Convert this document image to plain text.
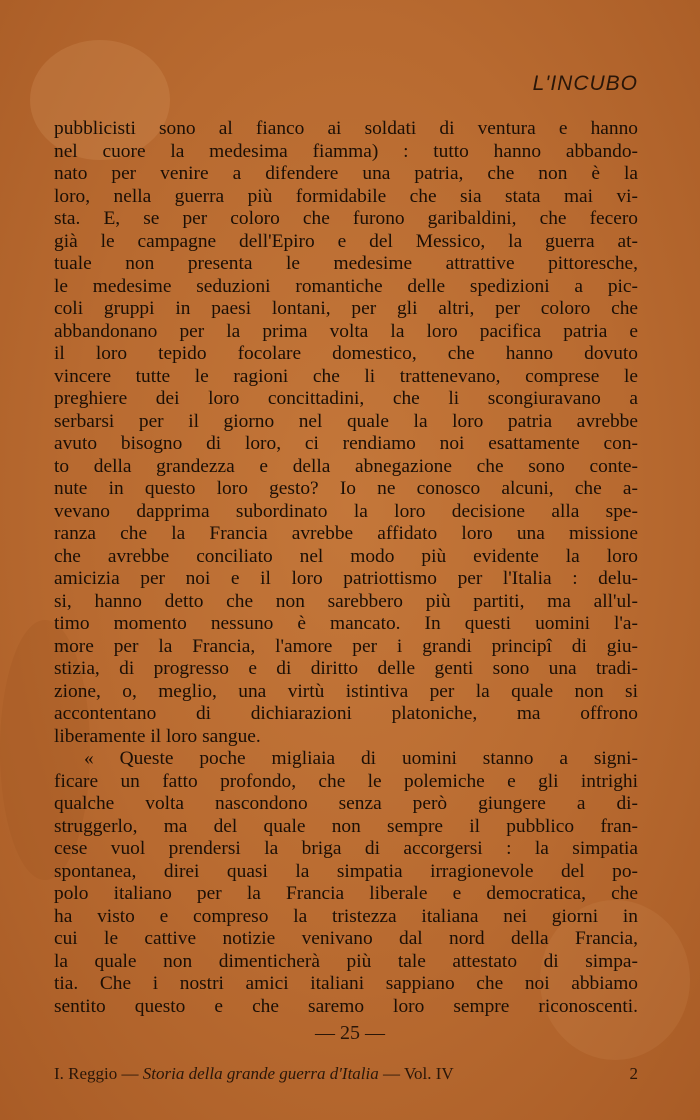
L'INCUBO
pubblicisti sono al fianco ai soldati di ventura e hanno
nel cuore la medesima fiamma) : tutto hanno abbando-
nato per venire a difendere una patria, che non è la
loro, nella guerra più formidabile che sia stata mai vi-
sta. E, se per coloro che furono garibaldini, che fecero
già le campagne dell'Epiro e del Messico, la guerra at-
tuale non presenta le medesime attrattive pittoresche,
le medesime seduzioni romantiche delle spedizioni a pic-
coli gruppi in paesi lontani, per gli altri, per coloro che
abbandonano per la prima volta la loro pacifica patria e
il loro tepido focolare domestico, che hanno dovuto
vincere tutte le ragioni che li trattenevano, comprese le
preghiere dei loro concittadini, che li scongiuravano a
serbarsi per il giorno nel quale la loro patria avrebbe
avuto bisogno di loro, ci rendiamo noi esattamente con-
to della grandezza e della abnegazione che sono conte-
nute in questo loro gesto? Io ne conosco alcuni, che a-
vevano dapprima subordinato la loro decisione alla spe-
ranza che la Francia avrebbe affidato loro una missione
che avrebbe conciliato nel modo più evidente la loro
amicizia per noi e il loro patriottismo per l'Italia : delu-
si, hanno detto che non sarebbero più partiti, ma all'ul-
timo momento nessuno è mancato. In questi uomini l'a-
more per la Francia, l'amore per i grandi principî di giu-
stizia, di progresso e di diritto delle genti sono una tradi-
zione, o, meglio, una virtù istintiva per la quale non si
accontentano di dichiarazioni platoniche, ma offrono
liberamente il loro sangue.
« Queste poche migliaia di uomini stanno a signi-
ficare un fatto profondo, che le polemiche e gli intrighi
qualche volta nascondono senza però giungere a di-
struggerlo, ma del quale non sempre il pubblico fran-
cese vuol prendersi la briga di accorgersi : la simpatia
spontanea, direi quasi la simpatia irragionevole del po-
polo italiano per la Francia liberale e democratica, che
ha visto e compreso la tristezza italiana nei giorni in
cui le cattive notizie venivano dal nord della Francia,
la quale non dimenticherà più tale attestato di simpa-
tia. Che i nostri amici italiani sappiano che noi abbiamo
sentito questo e che saremo loro sempre riconoscenti.
— 25 —
I. Reggio — Storia della grande guerra d'Italia — Vol. IV	2
